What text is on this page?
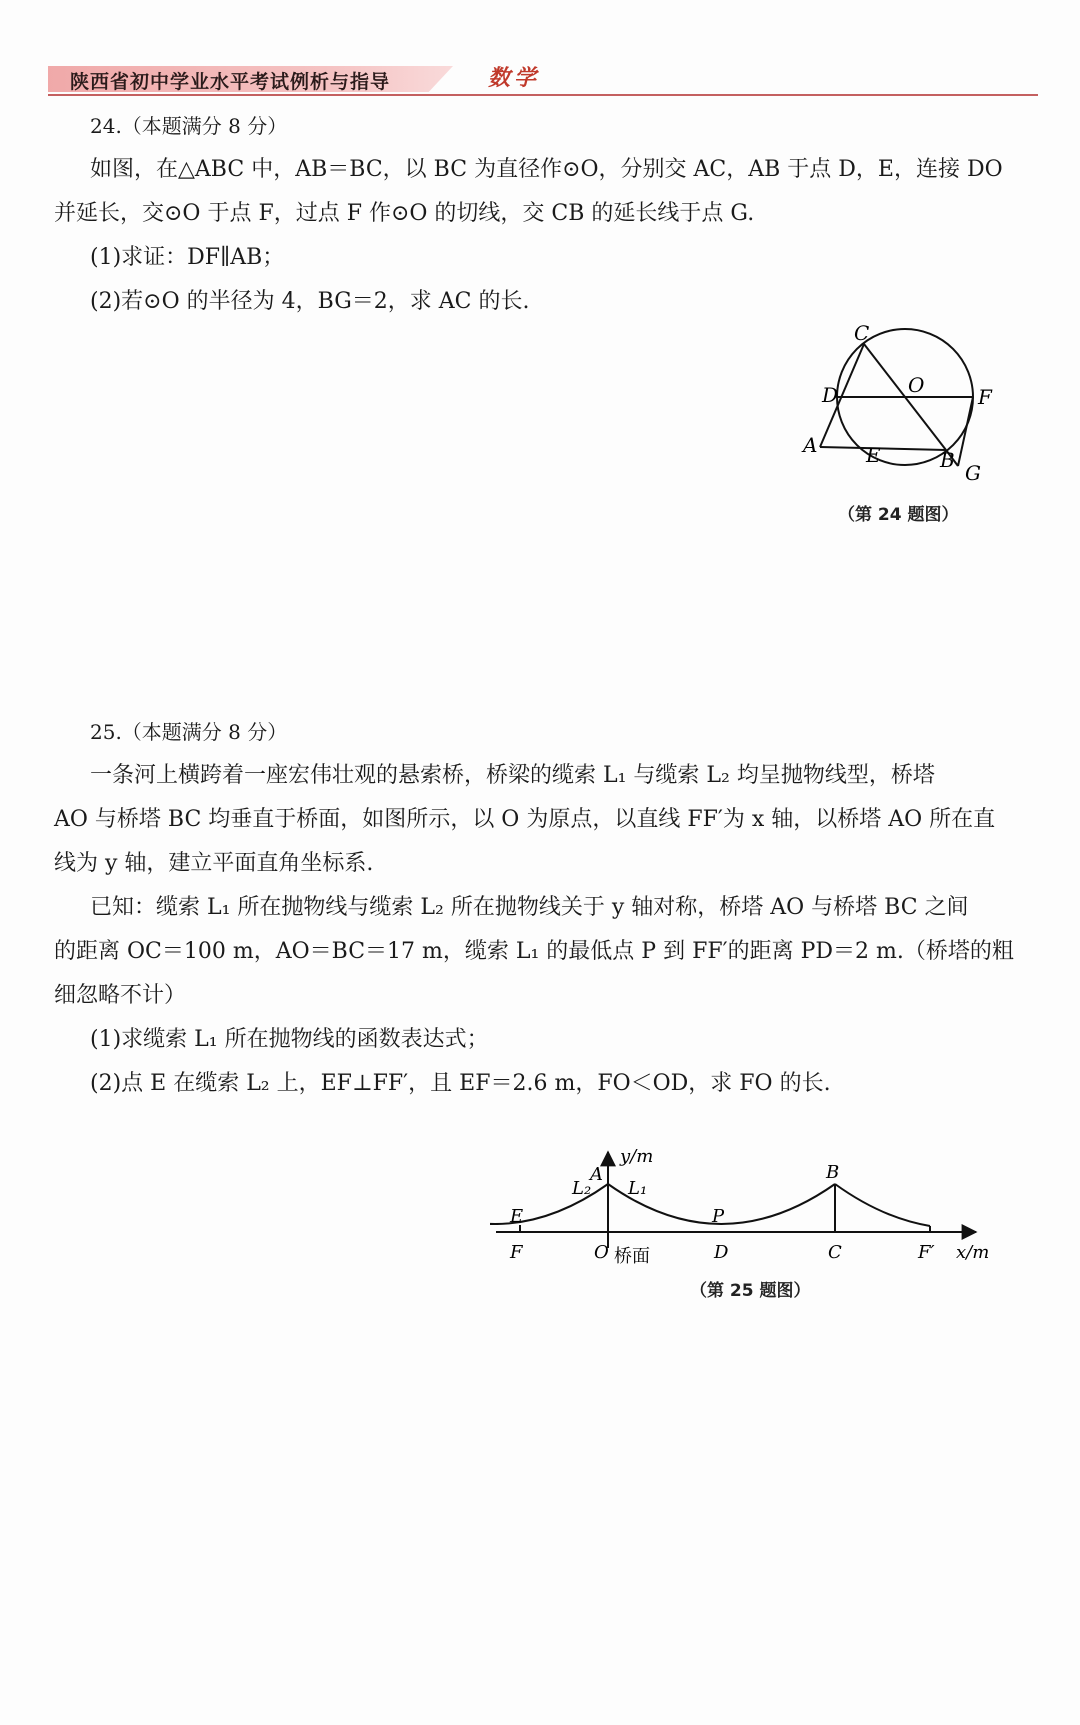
陕西省初中学业水平考试例析与指导	数学

24.（本题满分 8 分）

如图，在△ABC 中，AB＝BC，以 BC 为直径作⊙O，分别交 AC，AB 于点 D，E，连接 DO

并延长，交⊙O 于点 F，过点 F 作⊙O 的切线，交 CB 的延长线于点 G.

(1)求证：DF∥AB；

(2)若⊙O 的半径为 4，BG＝2，求 AC 的长.

C
O
D	F
A E	B
G
（第 24 题图）

25.（本题满分 8 分）

一条河上横跨着一座宏伟壮观的悬索桥，桥梁的缆索 L₁ 与缆索 L₂ 均呈抛物线型，桥塔

AO 与桥塔 BC 均垂直于桥面，如图所示，以 O 为原点，以直线 FF′为 x 轴，以桥塔 AO 所在直

线为 y 轴，建立平面直角坐标系.

已知：缆索 L₁ 所在抛物线与缆索 L₂ 所在抛物线关于 y 轴对称，桥塔 AO 与桥塔 BC 之间

的距离 OC＝100 m，AO＝BC＝17 m，缆索 L₁ 的最低点 P 到 FF′的距离 PD＝2 m.（桥塔的粗

细忽略不计）

(1)求缆索 L₁ 所在抛物线的函数表达式；

(2)点 E 在缆索 L₂ 上，EF⊥FF′，且 EF＝2.6 m，FO＜OD，求 FO 的长.

y/m
A
L₂ L₁
B
E	P
F	O 桥面	D	C	F′ x/m
（第 25 题图）
